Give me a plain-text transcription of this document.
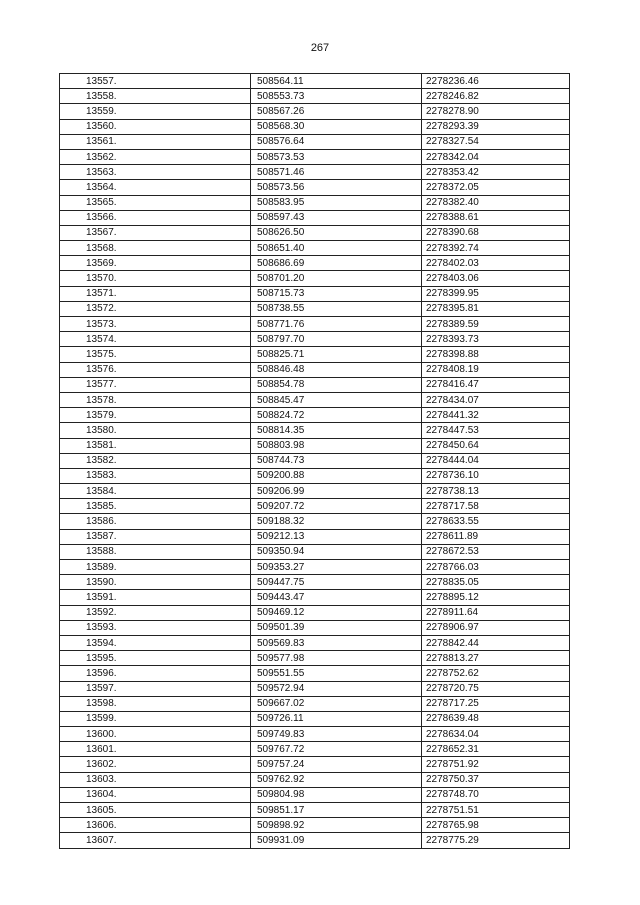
267
13557.	508564.11	2278236.46
13558.	508553.73	2278246.82
13559.	508567.26	2278278.90
13560.	508568.30	2278293.39
13561.	508576.64	2278327.54
13562.	508573.53	2278342.04
13563.	508571.46	2278353.42
13564.	508573.56	2278372.05
13565.	508583.95	2278382.40
13566.	508597.43	2278388.61
13567.	508626.50	2278390.68
13568.	508651.40	2278392.74
13569.	508686.69	2278402.03
13570.	508701.20	2278403.06
13571.	508715.73	2278399.95
13572.	508738.55	2278395.81
13573.	508771.76	2278389.59
13574.	508797.70	2278393.73
13575.	508825.71	2278398.88
13576.	508846.48	2278408.19
13577.	508854.78	2278416.47
13578.	508845.47	2278434.07
13579.	508824.72	2278441.32
13580.	508814.35	2278447.53
13581.	508803.98	2278450.64
13582.	508744.73	2278444.04
13583.	509200.88	2278736.10
13584.	509206.99	2278738.13
13585.	509207.72	2278717.58
13586.	509188.32	2278633.55
13587.	509212.13	2278611.89
13588.	509350.94	2278672.53
13589.	509353.27	2278766.03
13590.	509447.75	2278835.05
13591.	509443.47	2278895.12
13592.	509469.12	2278911.64
13593.	509501.39	2278906.97
13594.	509569.83	2278842.44
13595.	509577.98	2278813.27
13596.	509551.55	2278752.62
13597.	509572.94	2278720.75
13598.	509667.02	2278717.25
13599.	509726.11	2278639.48
13600.	509749.83	2278634.04
13601.	509767.72	2278652.31
13602.	509757.24	2278751.92
13603.	509762.92	2278750.37
13604.	509804.98	2278748.70
13605.	509851.17	2278751.51
13606.	509898.92	2278765.98
13607.	509931.09	2278775.29
